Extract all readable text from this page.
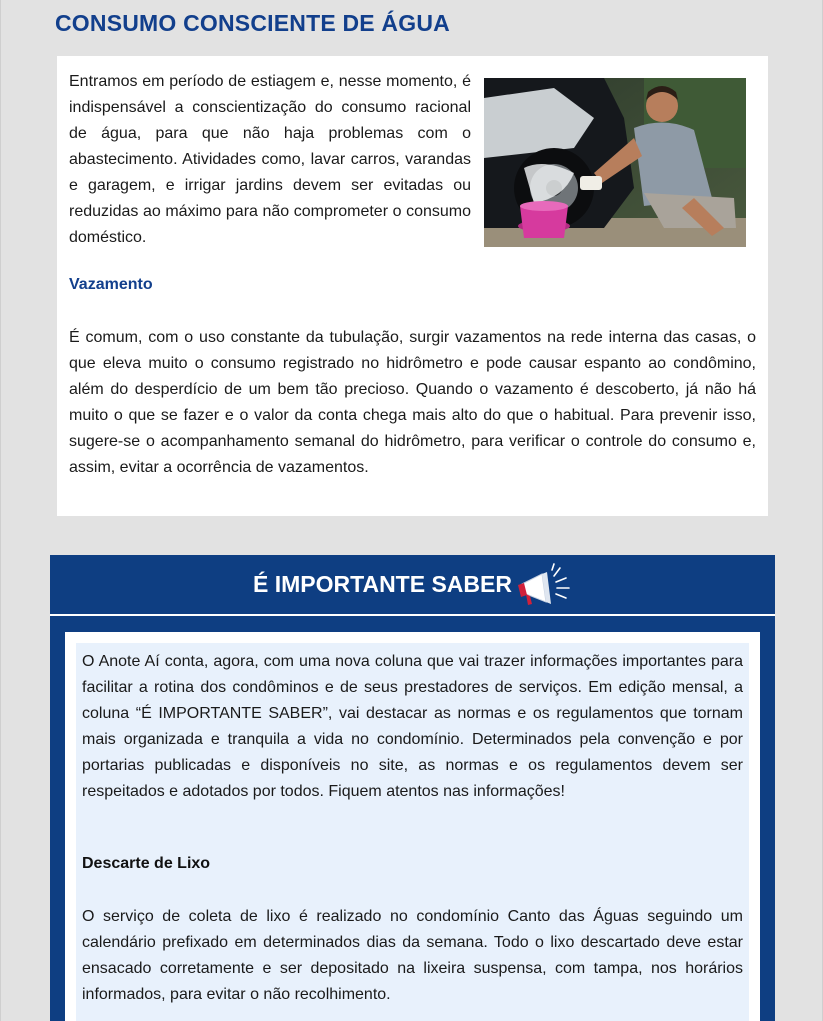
CONSUMO CONSCIENTE DE ÁGUA

Entramos em período de estiagem e, nesse momento, é indispensável a conscientização do consumo racional de água, para que não haja problemas com o abastecimento. Atividades como, lavar carros, varandas e garagem, e irrigar jardins devem ser evitadas ou reduzidas ao máximo para não comprometer o consumo doméstico.

Vazamento

É comum, com o uso constante da tubulação, surgir vazamentos na rede interna das casas, o que eleva muito o consumo registrado no hidrômetro e pode causar espanto ao condômino, além do desperdício de um bem tão precioso. Quando o vazamento é descoberto, já não há muito o que se fazer e o valor da conta chega mais alto do que o habitual. Para prevenir isso, sugere-se o acompanhamento semanal do hidrômetro, para verificar o controle do consumo e, assim, evitar a ocorrência de vazamentos.

É IMPORTANTE SABER

O Anote Aí conta, agora, com uma nova coluna que vai trazer informações importantes para facilitar a rotina dos condôminos e de seus prestadores de serviços. Em edição mensal, a coluna “É IMPORTANTE SABER”, vai destacar as normas e os regulamentos que tornam mais organizada e tranquila a vida no condomínio. Determinados pela convenção e por portarias publicadas e disponíveis no site, as normas e os regulamentos devem ser respeitados e adotados por todos. Fiquem atentos nas informações!

Descarte de Lixo

O serviço de coleta de lixo é realizado no condomínio Canto das Águas seguindo um calendário prefixado em determinados dias da semana. Todo o lixo descartado deve estar ensacado corretamente e ser depositado na lixeira suspensa, com tampa, nos horários informados, para evitar o não recolhimento.
